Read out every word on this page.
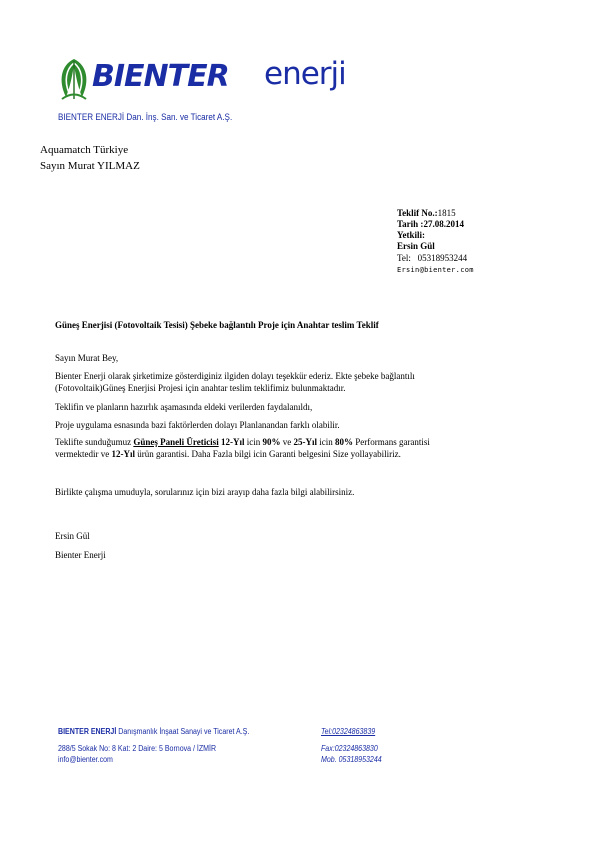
BIENTER enerji
BIENTER ENERJİ Dan. İnş. San. ve Ticaret A.Ş.
Aquamatch Türkiye
Sayın Murat YILMAZ
Teklif No.:1815
Tarih :27.08.2014
Yetkili:
Ersin Gül
Tel: 05318953244
Ersin@bienter.com
Güneş Enerjisi (Fotovoltaik Tesisi) Şebeke bağlantılı Proje için Anahtar teslim Teklif
Sayın Murat Bey,
Bienter Enerji olarak şirketimize gösterdiginiz ilgiden dolayı teşekkür ederiz. Ekte şebeke bağlantılı
(Fotovoltaik)Güneş Enerjisi Projesi için anahtar teslim teklifimiz bulunmaktadır.
Teklifin ve planların hazırlık aşamasında eldeki verilerden faydalanıldı,
Proje uygulama esnasında bazi faktörlerden dolayı Planlanandan farklı olabilir.
Teklifte sunduğumuz Güneş Paneli Üreticisi 12-Yıl icin 90% ve 25-Yıl icin 80% Performans garantisi
vermektedir ve 12-Yıl ürün garantisi. Daha Fazla bilgi icin Garanti belgesini Size yollayabiliriz.
Birlikte çalışma umuduyla, sorularınız için bizi arayıp daha fazla bilgi alabilirsiniz.
Ersin Gül
Bienter Enerji
BIENTER ENERJİ Danışmanlık İnşaat Sanayi ve Ticaret A.Ş.	Tel:02324863839
288/5 Sokak No: 8 Kat: 2 Daire: 5 Bornova / İZMİR	Fax:02324863830
info@bienter.com	Mob. 05318953244
